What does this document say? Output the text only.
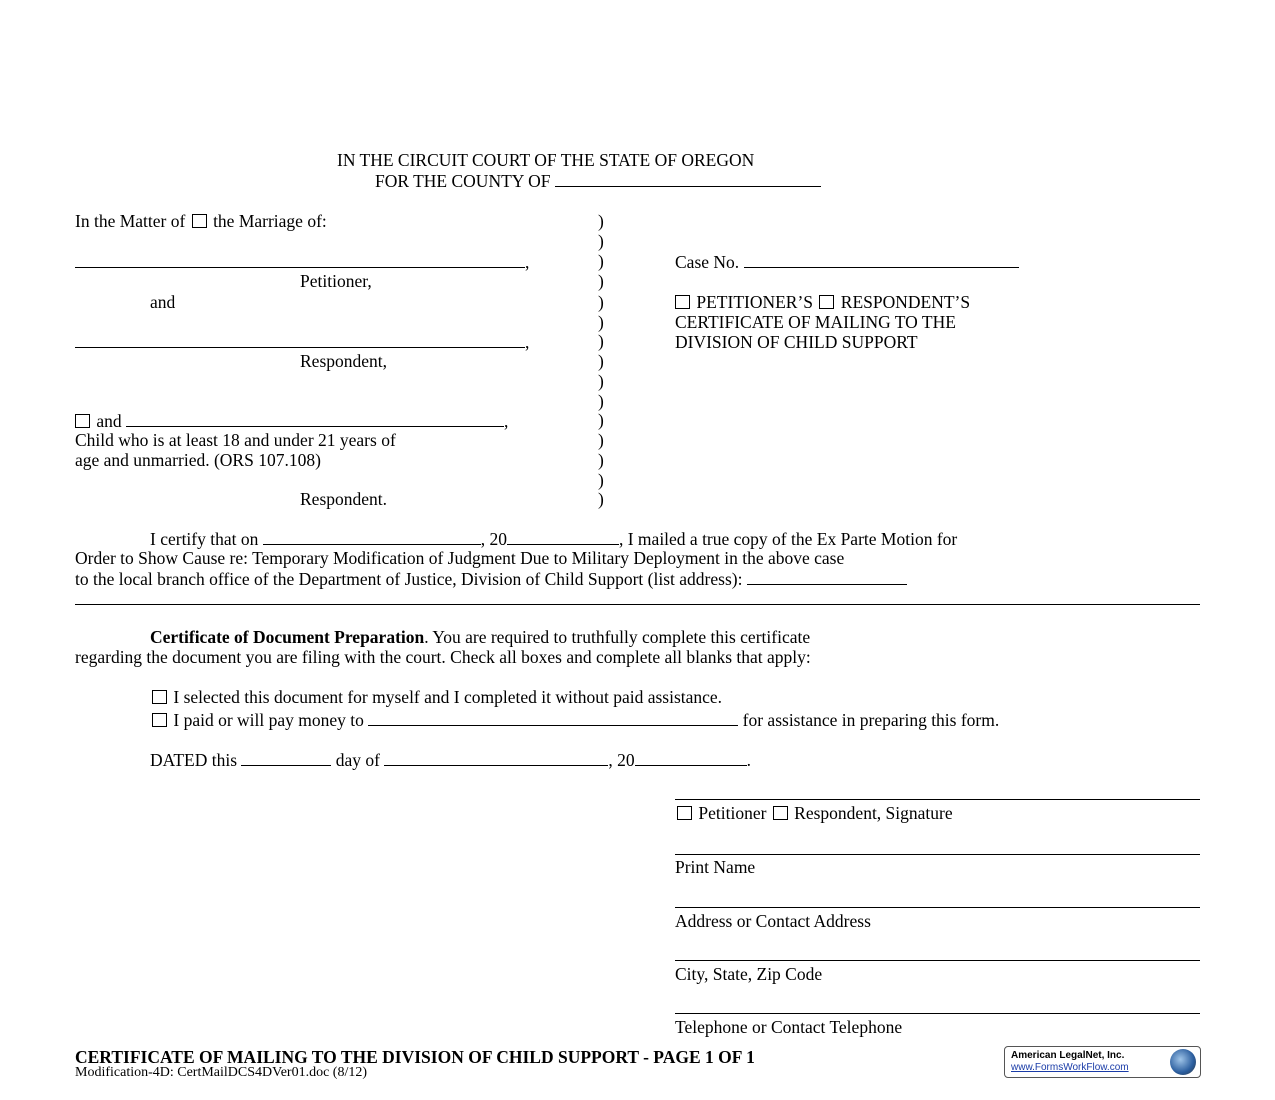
IN THE CIRCUIT COURT OF THE STATE OF OREGON
FOR THE COUNTY OF
In the Matter of the Marriage of:
,
Petitioner,
and
,
Respondent,
and	,
Child who is at least 18 and under 21 years of
age and unmarried. (ORS 107.108)
Respondent.
)
)
)
)
)
)
)
)
)
)
)
)
)
)
)
Case No.
PETITIONER’S RESPONDENT’S
CERTIFICATE OF MAILING TO THE
DIVISION OF CHILD SUPPORT
I certify that on	, 20	, I mailed a true copy of the Ex Parte Motion for
Order to Show Cause re: Temporary Modification of Judgment Due to Military Deployment in the above case
to the local branch office of the Department of Justice, Division of Child Support (list address):
Certificate of Document Preparation. You are required to truthfully complete this certificate
regarding the document you are filing with the court. Check all boxes and complete all blanks that apply:
I selected this document for myself and I completed it without paid assistance.
I paid or will pay money to	for assistance in preparing this form.
DATED this	day of	, 20	.
Petitioner Respondent, Signature
Print Name
Address or Contact Address
City, State, Zip Code
Telephone or Contact Telephone
CERTIFICATE OF MAILING TO THE DIVISION OF CHILD SUPPORT - PAGE 1 OF 1
Modification-4D: CertMailDCS4DVer01.doc (8/12)
American LegalNet, Inc.
www.FormsWorkFlow.com
